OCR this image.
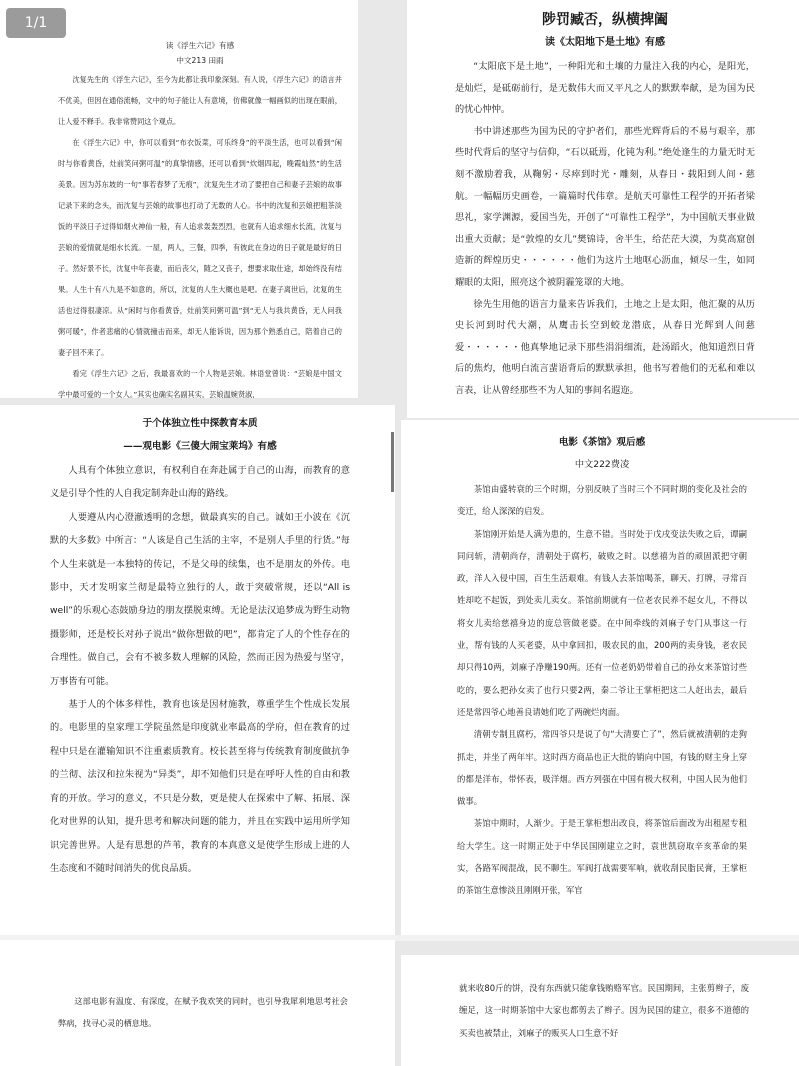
1/1
读《浮生六记》有感
中文213 田雨

沈复先生的《浮生六记》，至今为此都让我印象深刻。有人说，《浮生六记》的语言并不优美，但因在通俗流畅，文中的句子能让人有意境，仿佛就像一幅画似的出现在眼前，让人爱不释手。我非常赞同这个观点。

在《浮生六记》中，你可以看到“布衣饭菜，可乐终身”的平淡生活，也可以看到“闲时与你看黄昏，灶前笑问粥可温”的真挚情感，还可以看到“炊烟四起，晚霞灿然”的生活美景。因为苏东坡的一句“事若春梦了无痕”，沈复先生才动了要把自己和妻子芸娘的故事记录下来的念头，而沈复与芸娘的故事也打动了无数的人心。书中的沈复和芸娘把粗茶淡饭的平淡日子过得如烟火神仙一般，有人追求轰轰烈烈，也就有人追求细水长流，沈复与芸娘的爱情就是细水长流。一屋，两人，三餐，四季，有彼此在身边的日子就是最好的日子。然好景不长，沈复中年丧妻，而后丧父，随之又丧子，想要求取仕途，却始终没有结果。人生十有八九是不如意的，所以，沈复的人生大概也是吧。在妻子离世后，沈复的生活也过得很凄凉。从“闲时与你看黄昏，灶前笑问粥可温”到“无人与我共黄昏，无人问我粥可暖”，作者悲痛的心情就撞击而来，却无人能诉说，因为那个熟悉自己，陪着自己的妻子回不来了。

看完《浮生六记》之后，我最喜欢的一个人物是芸娘。林语堂曾说：“芸娘是中国文学中最可爱的一个女人。”其实也确实名副其实，芸娘温婉贤淑，

陟罚臧否，纵横捭阖
读《太阳地下是土地》有感

“太阳底下是土地”，一种阳光和土壤的力量注入我的内心，是阳光，是灿烂，是砥砺前行，是无数伟大而又平凡之人的默默奉献，是为国为民的忧心忡忡。

书中讲述那些为国为民的守护者们，那些光辉背后的不易与艰辛，那些时代背后的坚守与信仰，“石以砥焉，化钝为利。”绝处逢生的力量无时无刻不激励着我，从鞠躬・尽瘁到时光・雕刻，从春日・载阳到人间・慈航。一幅幅历史画卷，一篇篇时代伟章。是航天可靠性工程学的开拓者梁思礼，家学渊源，爱国当先，开创了“可靠性工程学”，为中国航天事业做出重大贡献；是“敦煌的女儿”樊锦诗，舍半生，给茫茫大漠，为莫高窟创造新的辉煌历史・・・・・・他们为这片土地呕心沥血，倾尽一生，如同耀眼的太阳，照亮这个被阴霾笼罩的大地。

徐先生用他的语言力量来告诉我们，土地之上是太阳，他汇聚的从历史长河到时代大潮，从鹰击长空到蛟龙潜底，从春日光辉到人间慈爱・・・・・・他真挚地记录下那些涓涓细流，赴汤蹈火，他知道烈日背后的焦灼，他明白流言蜚语背后的默默承担，他书写着他们的无私和难以言表，让从曾经那些不为人知的事间名遐迩。

于个体独立性中探教育本质
——观电影《三傻大闹宝莱坞》有感

人具有个体独立意识，有权利自在奔赴属于自己的山海，而教育的意义是引导个性的人自我定制奔赴山海的路线。

人要遵从内心澄澈透明的念想，做最真实的自己。诚如王小波在《沉默的大多数》中所言：“人该是自己生活的主宰，不是别人手里的行货。”每个人生来就是一本独特的传记，不是父母的续集，也不是朋友的外传。电影中，天才发明家兰彻是最特立独行的人，敢于突破常规，还以“All is well”的乐观心态鼓励身边的朋友摆脱束缚。无论是法汉追梦成为野生动物摄影师，还是校长对孙子说出“做你想做的吧”，都肯定了人的个性存在的合理性。做自己，会有不被多数人理解的风险，然而正因为热爱与坚守，万事皆有可能。

基于人的个体多样性，教育也该是因材施教，尊重学生个性成长发展的。电影里的皇家理工学院虽然是印度就业率最高的学府，但在教育的过程中只是在灌输知识不注重素质教育。校长甚至将与传统教育制度做抗争的兰彻、法汉和拉朱视为“异类”，却不知他们只是在呼吁人性的自由和教育的开放。学习的意义，不只是分数，更是使人在探索中了解、拓展、深化对世界的认知，提升思考和解决问题的能力，并且在实践中运用所学知识完善世界。人是有思想的芦苇，教育的本真意义是使学生形成上进的人生态度和不随时间消失的优良品质。

电影《茶馆》观后感
中文222费凌

茶馆由盛转衰的三个时期，分别反映了当时三个不同时期的变化及社会的变迁，给人深深的启发。

茶馆刚开始是人满为患的，生意不错。当时处于戊戌变法失败之后，谭嗣同问斩，清朝尚存，清朝处于腐朽，破败之时。以慈禧为首的顽固派把守朝政，洋人入侵中国，百生生活艰难。有钱人去茶馆喝茶，聊天、打牌，寻常百姓却吃不起饭，到处卖儿卖女。茶馆前期就有一位老农民养不起女儿，不得以将女儿卖给慈禧身边的庞总管做老婆。在中间牵线的刘麻子专门从事这一行业，帮有钱的人买老婆，从中拿回扣，吸农民的血，200两的卖身钱，老农民却只得10两，刘麻子净赚190两。还有一位老奶奶带着自己的孙女来茶馆讨些吃的，要么把孙女卖了也行只要2两，秦二爷让王掌柜把这二人赶出去，最后还是常四爷心地善良请她们吃了两碗烂肉面。

清朝专制且腐朽，常四爷只是说了句“大清要亡了”，然后就被清朝的走狗抓走，并坐了两年牢。这时西方商品也正大批的销向中国，有钱的财主身上穿的都是洋布，带怀表，吸洋烟。西方列强在中国有极大权利，中国人民为他们做事。

茶馆中期时，人渐少。于是王掌柜想出改良，将茶馆后面改为出租屋专租给大学生。这一时期正处于中华民国刚建立之时，袁世凯窃取辛亥革命的果实，各路军阀混战，民不聊生。军阀打战需要军响，就收刮民脂民膏，王掌柜的茶馆生意惨淡且刚刚开张，军官

这部电影有温度、有深度，在赋予我欢笑的同时，也引导我犀利地思考社会弊病，找寻心灵的栖息地。

就来收80斤的饼，没有东西就只能拿钱贿赂军官。民国期间，主张剪辫子，废缠足，这一时期茶馆中大家也都剪去了辫子。因为民国的建立，很多不道德的买卖也被禁止，刘麻子的贩买人口生意不好
